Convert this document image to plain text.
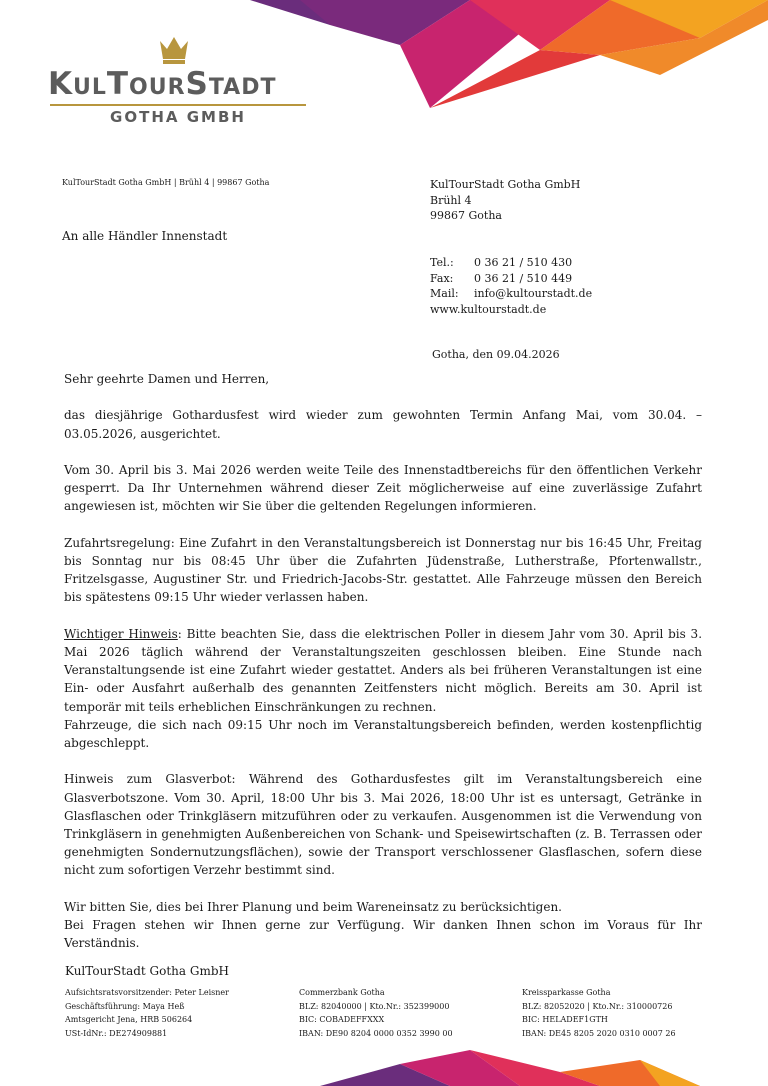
KulTourStadt
GOTHA GMBH
KulTourStadt Gotha GmbH | Brühl 4 | 99867 Gotha
An alle Händler Innenstadt
KulTourStadt Gotha GmbH
Brühl 4
99867 Gotha
Tel.:	0 36 21 / 510 430
Fax:	0 36 21 / 510 449
Mail:	info@kultourstadt.de
www.kultourstadt.de
Gotha, den 09.04.2026

Sehr geehrte Damen und Herren,

das diesjährige Gothardusfest wird wieder zum gewohnten Termin Anfang Mai, vom 30.04. – 03.05.2026, ausgerichtet.

Vom 30. April bis 3. Mai 2026 werden weite Teile des Innenstadtbereichs für den öffentlichen Verkehr gesperrt. Da Ihr Unternehmen während dieser Zeit möglicherweise auf eine zuverlässige Zufahrt angewiesen ist, möchten wir Sie über die geltenden Regelungen informieren.

Zufahrtsregelung: Eine Zufahrt in den Veranstaltungsbereich ist Donnerstag nur bis 16:45 Uhr, Freitag bis Sonntag nur bis 08:45 Uhr über die Zufahrten Jüdenstraße, Lutherstraße, Pfortenwallstr., Fritzelsgasse, Augustiner Str. und Friedrich-Jacobs-Str. gestattet. Alle Fahrzeuge müssen den Bereich bis spätestens 09:15 Uhr wieder verlassen haben.

Wichtiger Hinweis: Bitte beachten Sie, dass die elektrischen Poller in diesem Jahr vom 30. April bis 3. Mai 2026 täglich während der Veranstaltungszeiten geschlossen bleiben. Eine Stunde nach Veranstaltungsende ist eine Zufahrt wieder gestattet. Anders als bei früheren Veranstaltungen ist eine Ein- oder Ausfahrt außerhalb des genannten Zeitfensters nicht möglich. Bereits am 30. April ist temporär mit teils erheblichen Einschränkungen zu rechnen.

Fahrzeuge, die sich nach 09:15 Uhr noch im Veranstaltungsbereich befinden, werden kostenpflichtig abgeschleppt.

Hinweis zum Glasverbot: Während des Gothardusfestes gilt im Veranstaltungsbereich eine Glasverbotszone. Vom 30. April, 18:00 Uhr bis 3. Mai 2026, 18:00 Uhr ist es untersagt, Getränke in Glasflaschen oder Trinkgläsern mitzuführen oder zu verkaufen. Ausgenommen ist die Verwendung von Trinkgläsern in genehmigten Außenbereichen von Schank- und Speisewirtschaften (z. B. Terrassen oder genehmigten Sondernutzungsflächen), sowie der Transport verschlossener Glasflaschen, sofern diese nicht zum sofortigen Verzehr bestimmt sind.

Wir bitten Sie, dies bei Ihrer Planung und beim Wareneinsatz zu berücksichtigen.

Bei Fragen stehen wir Ihnen gerne zur Verfügung. Wir danken Ihnen schon im Voraus für Ihr Verständnis.

KulTourStadt Gotha GmbH
Aufsichtsratsvorsitzender: Peter Leisner
Geschäftsführung: Maya Heß
Amtsgericht Jena, HRB 506264
USt-IdNr.: DE274909881
Commerzbank Gotha
BLZ: 82040000 | Kto.Nr.: 352399000
BIC: COBADEFFXXX
IBAN: DE90 8204 0000 0352 3990 00
Kreissparkasse Gotha
BLZ: 82052020 | Kto.Nr.: 310000726
BIC: HELADEF1GTH
IBAN: DE45 8205 2020 0310 0007 26
